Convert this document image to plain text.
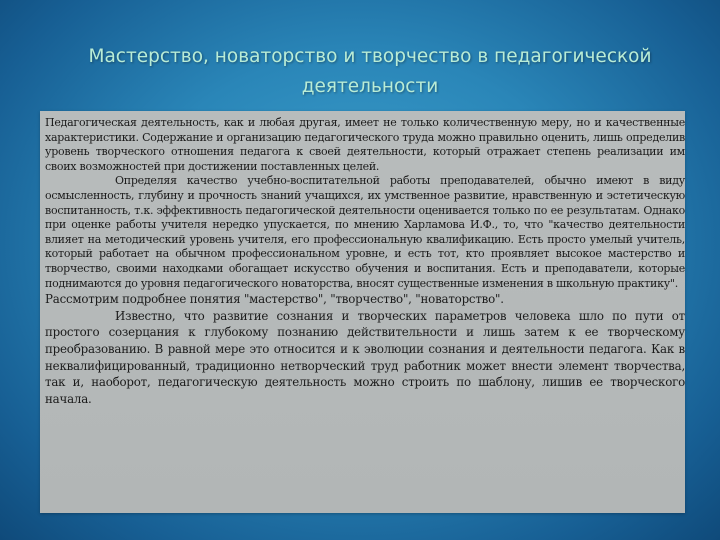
Мастерство, новаторство и творчество в педагогической деятельности

Педагогическая деятельность, как и любая другая, имеет не только количественную меру, но и качественные характеристики. Содержание и организацию педагогического труда можно правильно оценить, лишь определив уровень творческого отношения педагога к своей деятельности, который отражает степень реализации им своих возможностей при достижении поставленных целей.

Определяя качество учебно-воспитательной работы преподавателей, обычно имеют в виду осмысленность, глубину и прочность знаний учащихся, их умственное развитие, нравственную и эстетическую воспитанность, т.к. эффективность педагогической деятельности оценивается только по ее результатам. Однако при оценке работы учителя нередко упускается, по мнению Харламова И.Ф., то, что "качество деятельности влияет на методический уровень учителя, его профессиональную квалификацию. Есть просто умелый учитель, который работает на обычном профессиональном уровне, и есть тот, кто проявляет высокое мастерство и творчество, своими находками обогащает искусство обучения и воспитания. Есть и преподаватели, которые поднимаются до уровня педагогического новаторства, вносят существенные изменения в школьную практику".

Рассмотрим подробнее понятия "мастерство", "творчество", "новаторство".

Известно, что развитие сознания и творческих параметров человека шло по пути от простого созерцания к глубокому познанию действительности и лишь затем к ее творческому преобразованию. В равной мере это относится и к эволюции сознания и деятельности педагога. Как в неквалифицированный, традиционно нетворческий труд работник может внести элемент творчества, так и, наоборот, педагогическую деятельность можно строить по шаблону, лишив ее творческого начала.
